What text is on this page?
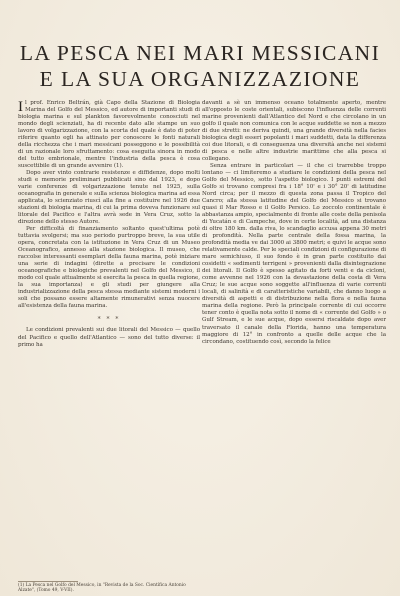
LA PESCA NEI MARI MESSICANI
E LA SUA ORGANIZZAZIONE

Il prof. Enrico Beltrán, già Capo della Stazione di Biologia Marina del Golfo del Messico, ed autore di importanti studi di biologia marina e sul plankton favorevolmente conosciuti nel mondo degli scienziati, ha di recente dato alle stampe un suo lavoro di volgarizzazione, con la scorta del quale è dato di poter riferire quanto egli ha attinato per conoscere le fonti naturali della ricchezza che i mari messicani posseggono e le possibilità di un razionale loro sfruttamento: cosa eseguita sinora in modo del tutto embrionale, mentre l'industria della pesca è cosa suscettibile di un grande avvenire (1).

Dopo aver vinto contrarie resistenze e diffidenze, dopo molti studi e memorie preliminari pubblicati sino dal 1923, e dopo varie conferenze di volgarizzazione tenute nel 1925, sulla oceanografia in generale e sulla scienza biologica marina ad essa applicata, lo scienziato riuscì alla fine a costituire nel 1926 due stazioni di biologia marina, di cui la prima doveva funzionare sul litorale del Pacifico e l'altra avrà sede in Vera Cruz, sotto la direzione dello stesso Autore.

Per difficoltà di finanziamento soltanto quest'ultima potè tuttavia svolgersi; ma suo periodo purtroppo breve, la sua utile opera, concretata con la istituzione in Vera Cruz di un Museo Oceanografico, annesso alla stazione biologica. Il museo, che raccolse interessanti esemplari della fauna marina, potè iniziare una serie di indagini (dirette a precisare le condizioni oceanografiche e biologiche prevalenti nel Golfo del Messico, il modo col quale attualmente si esercita la pesca in quella regione, la sua importanza) e gli studi per giungere alla industrializzazione della pesca stessa mediante sistemi moderni i soli che possano essere altamente rimunerativi senza nuocere all'esistenza della fauna marina.

* * *

Le condizioni prevalenti sui due litorali del Messico — quello del Pacifico e quello dell'Atlantico — sono del tutto diverse: il primo ha

davanti a sè un immenso oceano totalmente aperto, mentre all'opposto le coste orientali, subiscono l'influenza delle correnti marine provenienti dall'Atlantico del Nord e che circolano in un golfo il quale non comunica con le acque suddette se non a mezzo di due stretti: ne deriva quindi, una grande diversità nella facies biologica degli esseri popolanti i mari suddetti, data la differenza coi due litorali, e di conseguenza una diversità anche nei sistemi di pesca e nelle altre industrie marittime che alla pesca si collegano.

Senza entrare in particolari — il che ci trarrebbe troppo lontano — ci limiteremo a studiare le condizioni della pesca nel Golfo del Messico, sotto l'aspetto biologico. I punti estremi del Golfo si trovano compresi fra i 18° 10' e i 30° 20' di latitudine Nord circa; per il mezzo di questa zona passa il Tropico del Cancro; alla stessa latitudine del Golfo del Messico si trovano quasi il Mar Rosso e il Golfo Persico. Lo zoccolo continentale è abbastanza ampio, specialmente di fronte alle coste della penisola di Yucatán e di Campeche, dove in certe località, ad una distanza di oltre 180 km. dalla riva, lo scandaglio accusa appena 30 metri di profondità. Nella parte centrale della fossa marina, la profondità media ve dai 3000 ai 3800 metri; e quivi le acque sono relativamente calde. Per le speciali condizioni di configurazione di mare semichiuso, il suo fondo è in gran parte costituito dai cosidetti « sedimenti terrigeni » provenienti dalla disintegrazione dei litorali. Il Golfo è spesso agitato da forti venti e da cicloni, come avvenne nel 1926 con la devastazione della costa di Vera Cruz; le sue acque sono soggette all'influenza di varie correnti locali, di salinità e di caratteristiche variabili, che danno luogo a diversità di aspetti e di distribuzione nella flora e nella fauna marina della regione. Però la principale corrente di cui occorre tener conto è quella nota sotto il nome di « corrente del Golfo » o Gulf Stream, e le sue acque, dopo essersi riscaldate dopo aver traversato il canale della Florida, hanno una temperatura maggiore di 12° in confronto a quelle delle acque che la circondano, costituendo così, secondo la felice

(1) La Pesca nel Golfo del Messico, in "Revista de la Soc. Científica Antonio Alzate", (Tomo 49, V-VII).
